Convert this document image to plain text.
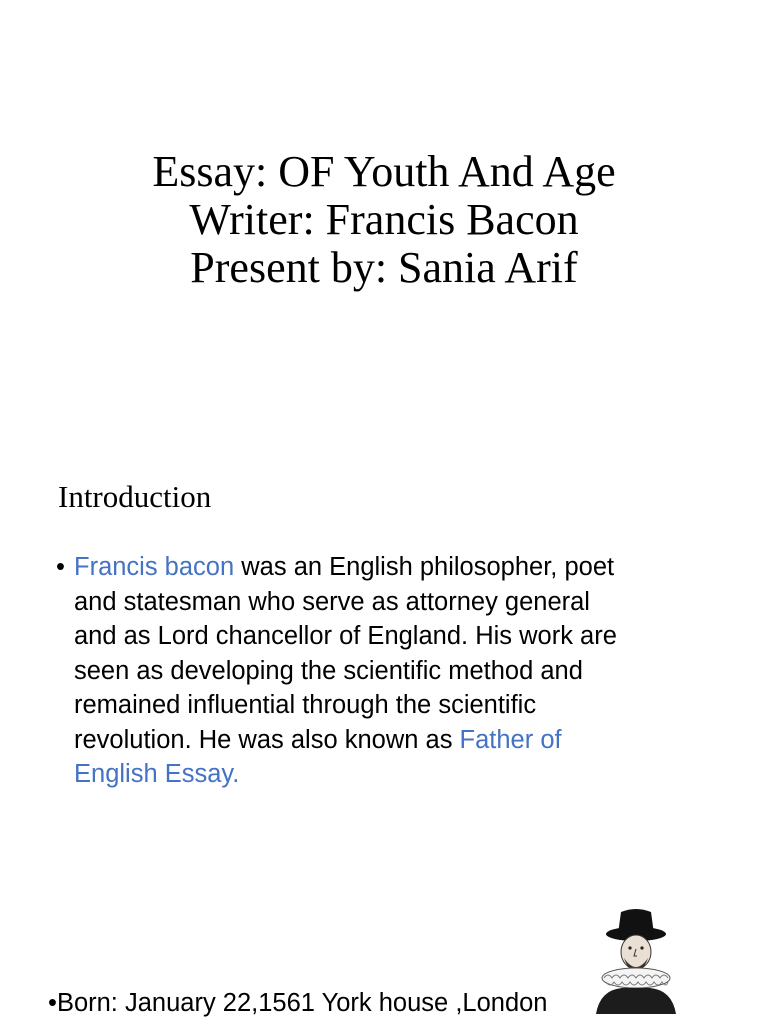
Essay: OF Youth And Age
Writer: Francis Bacon
Present by: Sania Arif
Introduction
• Francis bacon was an English philosopher, poet
and statesman who serve as attorney general
and as Lord chancellor of England. His work are
seen as developing the scientific method and
remained influential through the scientific
revolution. He was also known as Father of
English Essay.
•Born: January 22,1561 York house ,London
